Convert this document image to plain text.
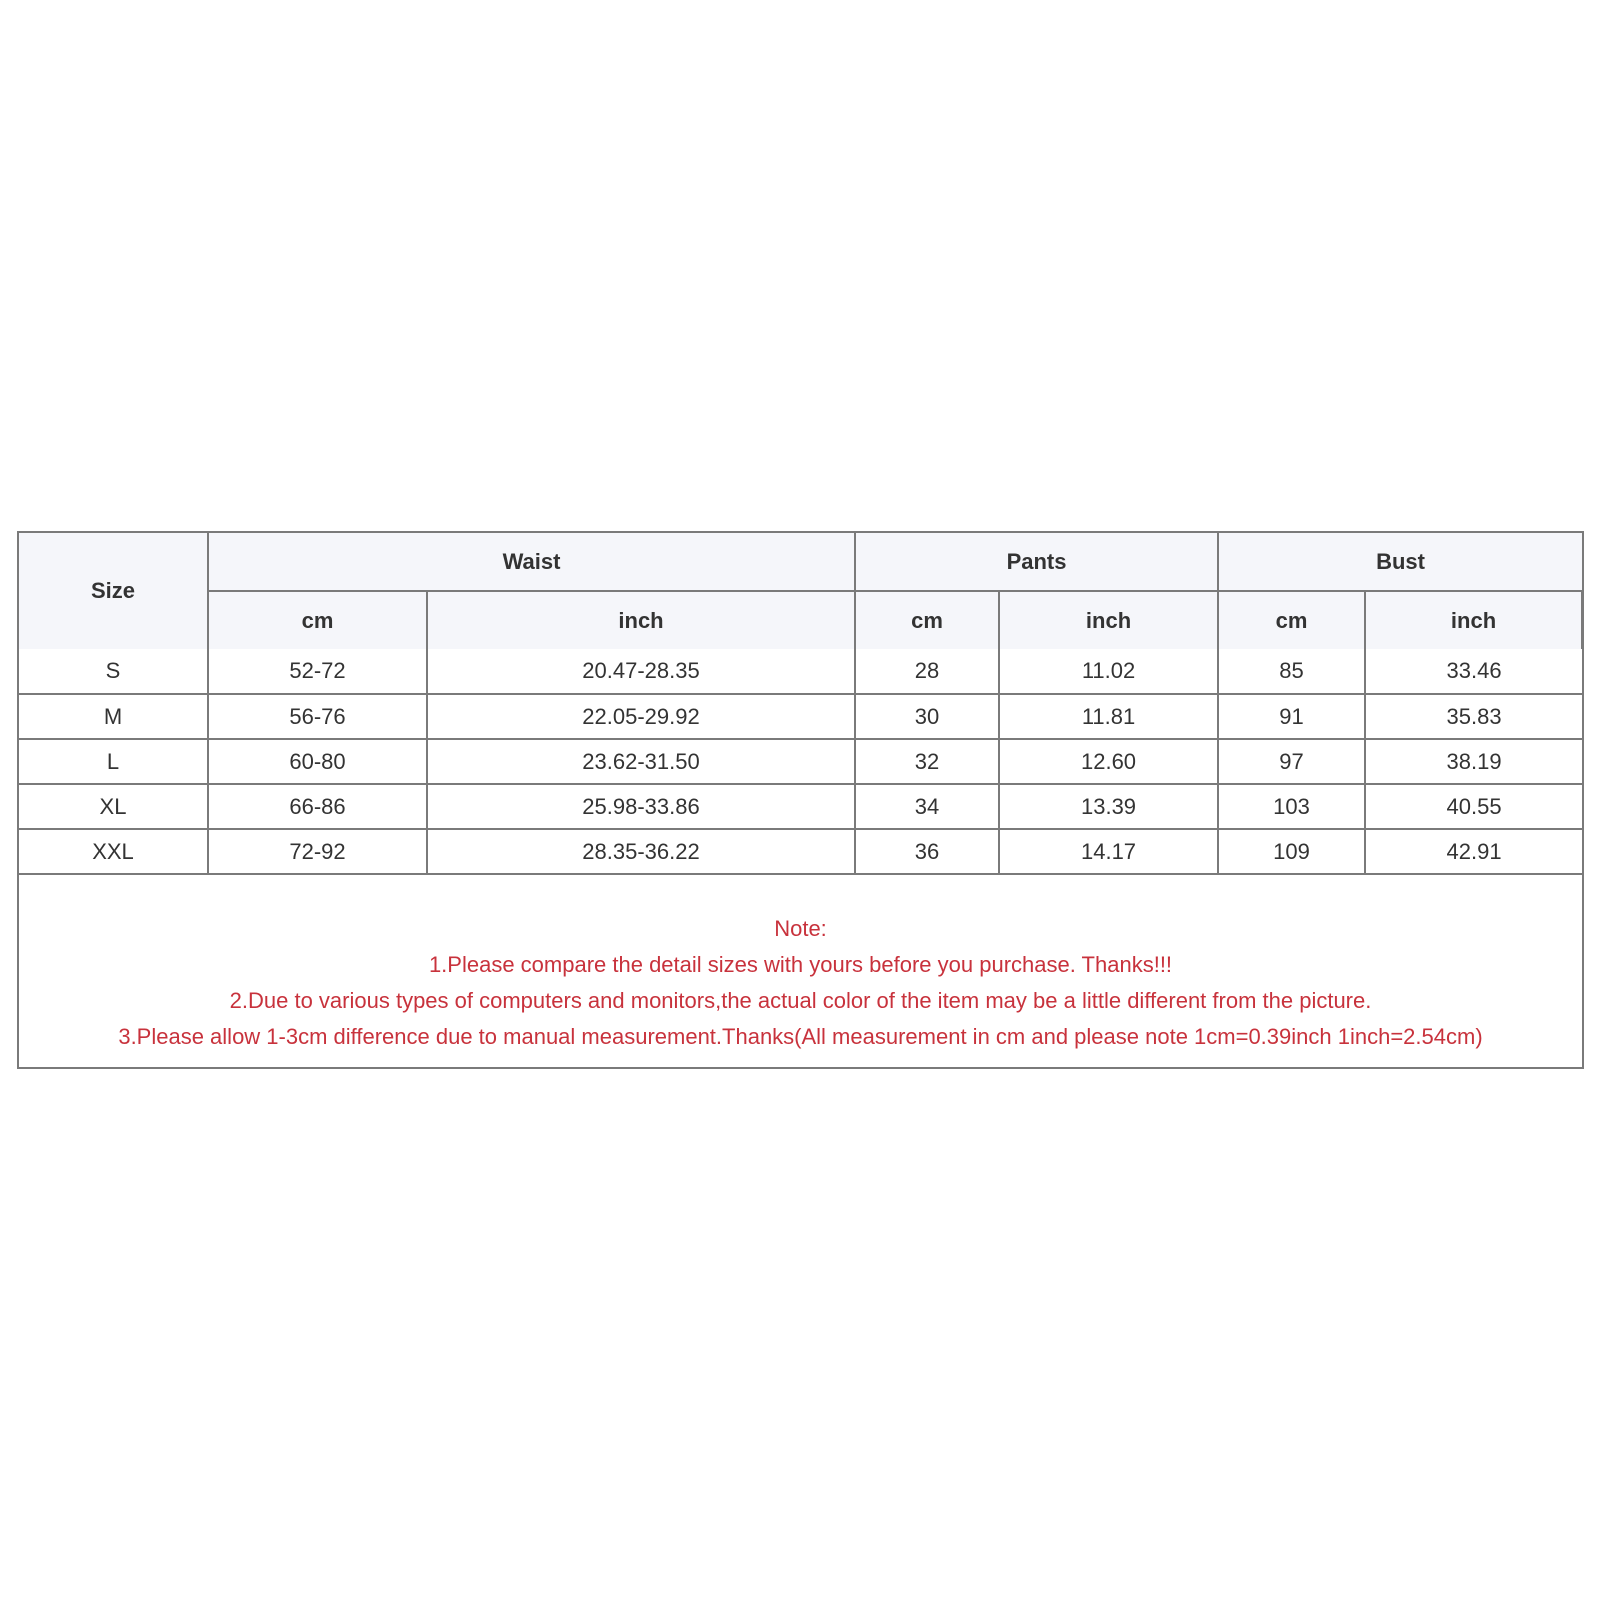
Size	Waist		Pants		Bust	
	cm	inch	cm	inch	cm	inch
S	52-72	20.47-28.35	28	11.02	85	33.46
M	56-76	22.05-29.92	30	11.81	91	35.83
L	60-80	23.62-31.50	32	12.60	97	38.19
XL	66-86	25.98-33.86	34	13.39	103	40.55
XXL	72-92	28.35-36.22	36	14.17	109	42.91
Note:
1.Please compare the detail sizes with yours before you purchase. Thanks!!!
2.Due to various types of computers and monitors,the actual color of the item may be a little different from the picture.
3.Please allow 1-3cm difference due to manual measurement.Thanks(All measurement in cm and please note 1cm=0.39inch 1inch=2.54cm)
